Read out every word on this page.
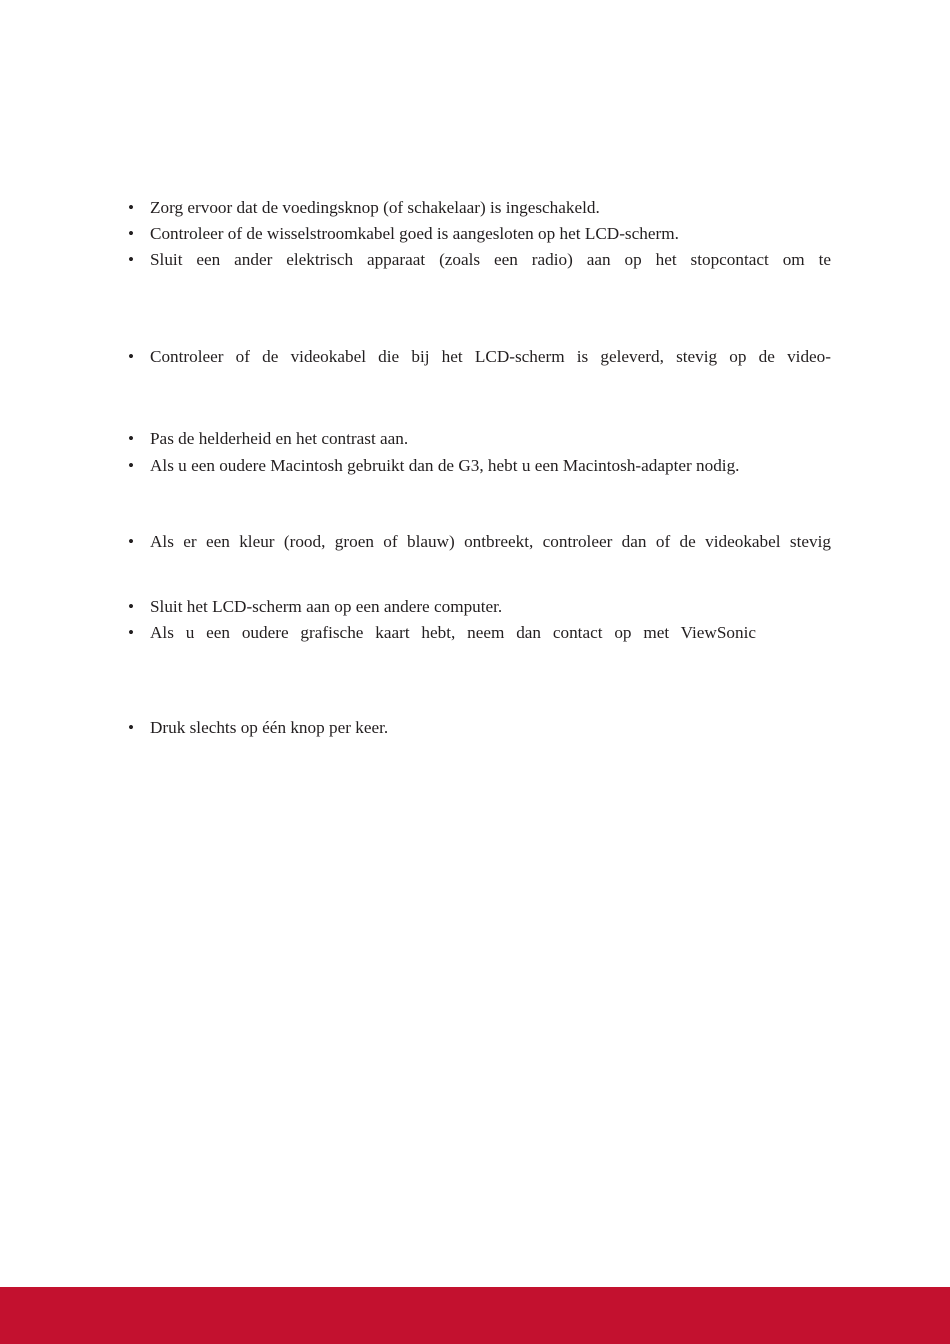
• Zorg ervoor dat de voedingsknop (of schakelaar) is ingeschakeld.
• Controleer of de wisselstroomkabel goed is aangesloten op het LCD-scherm.
• Sluit een ander elektrisch apparaat (zoals een radio) aan op het stopcontact om te
• Controleer of de videokabel die bij het LCD-scherm is geleverd, stevig op de video-
• Pas de helderheid en het contrast aan.
• Als u een oudere Macintosh gebruikt dan de G3, hebt u een Macintosh-adapter nodig.
• Als er een kleur (rood, groen of blauw) ontbreekt, controleer dan of de videokabel stevig
• Sluit het LCD-scherm aan op een andere computer.
• Als u een oudere grafische kaart hebt, neem dan contact op met ViewSonic
• Druk slechts op één knop per keer.
